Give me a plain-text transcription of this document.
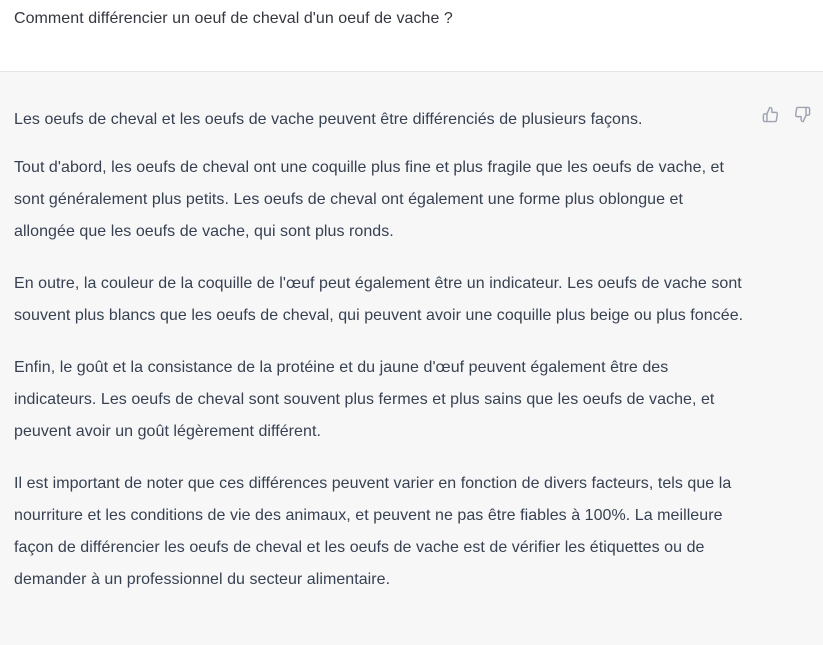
Comment différencier un oeuf de cheval d'un oeuf de vache ?

Les oeufs de cheval et les oeufs de vache peuvent être différenciés de plusieurs façons.

Tout d'abord, les oeufs de cheval ont une coquille plus fine et plus fragile que les oeufs de vache, et sont généralement plus petits. Les oeufs de cheval ont également une forme plus oblongue et allongée que les oeufs de vache, qui sont plus ronds.

En outre, la couleur de la coquille de l'œuf peut également être un indicateur. Les oeufs de vache sont souvent plus blancs que les oeufs de cheval, qui peuvent avoir une coquille plus beige ou plus foncée.

Enfin, le goût et la consistance de la protéine et du jaune d'œuf peuvent également être des indicateurs. Les oeufs de cheval sont souvent plus fermes et plus sains que les oeufs de vache, et peuvent avoir un goût légèrement différent.

Il est important de noter que ces différences peuvent varier en fonction de divers facteurs, tels que la nourriture et les conditions de vie des animaux, et peuvent ne pas être fiables à 100%. La meilleure façon de différencier les oeufs de cheval et les oeufs de vache est de vérifier les étiquettes ou de demander à un professionnel du secteur alimentaire.
